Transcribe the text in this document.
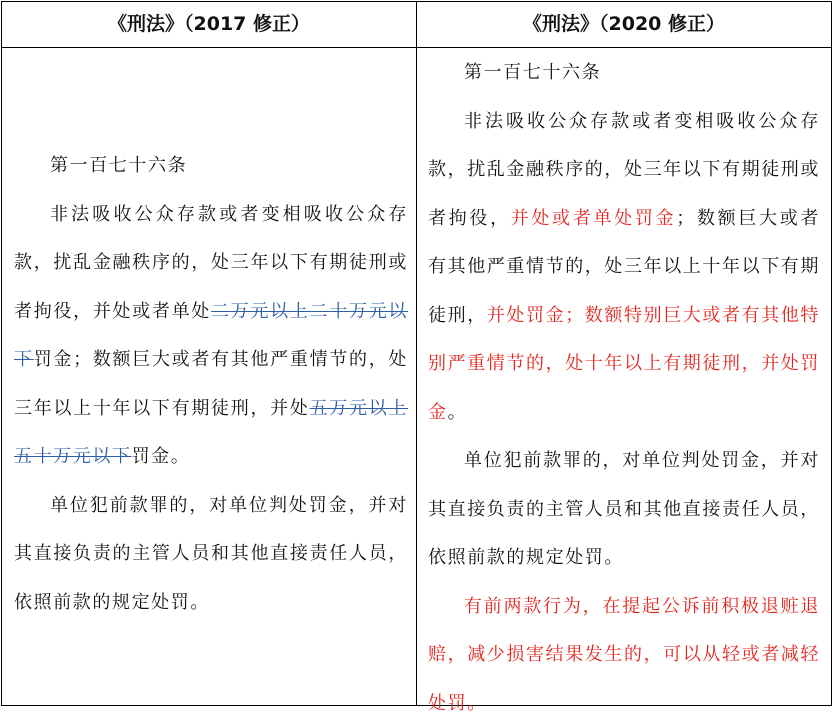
《刑法》（2017 修正）	《刑法》（2020 修正）

第一百七十六条

非法吸收公众存款或者变相吸收公众存款，扰乱金融秩序的，处三年以下有期徒刑或者拘役，并处或者单处二万元以上二十万元以下罚金；数额巨大或者有其他严重情节的，处三年以上十年以下有期徒刑，并处五万元以上五十万元以下罚金。

单位犯前款罪的，对单位判处罚金，并对其直接负责的主管人员和其他直接责任人员，依照前款的规定处罚。

第一百七十六条

非法吸收公众存款或者变相吸收公众存款，扰乱金融秩序的，处三年以下有期徒刑或者拘役，并处或者单处罚金；数额巨大或者有其他严重情节的，处三年以上十年以下有期徒刑，并处罚金；数额特别巨大或者有其他特别严重情节的，处十年以上有期徒刑，并处罚金。

单位犯前款罪的，对单位判处罚金，并对其直接负责的主管人员和其他直接责任人员，依照前款的规定处罚。

有前两款行为，在提起公诉前积极退赃退赔，减少损害结果发生的，可以从轻或者减轻处罚。
